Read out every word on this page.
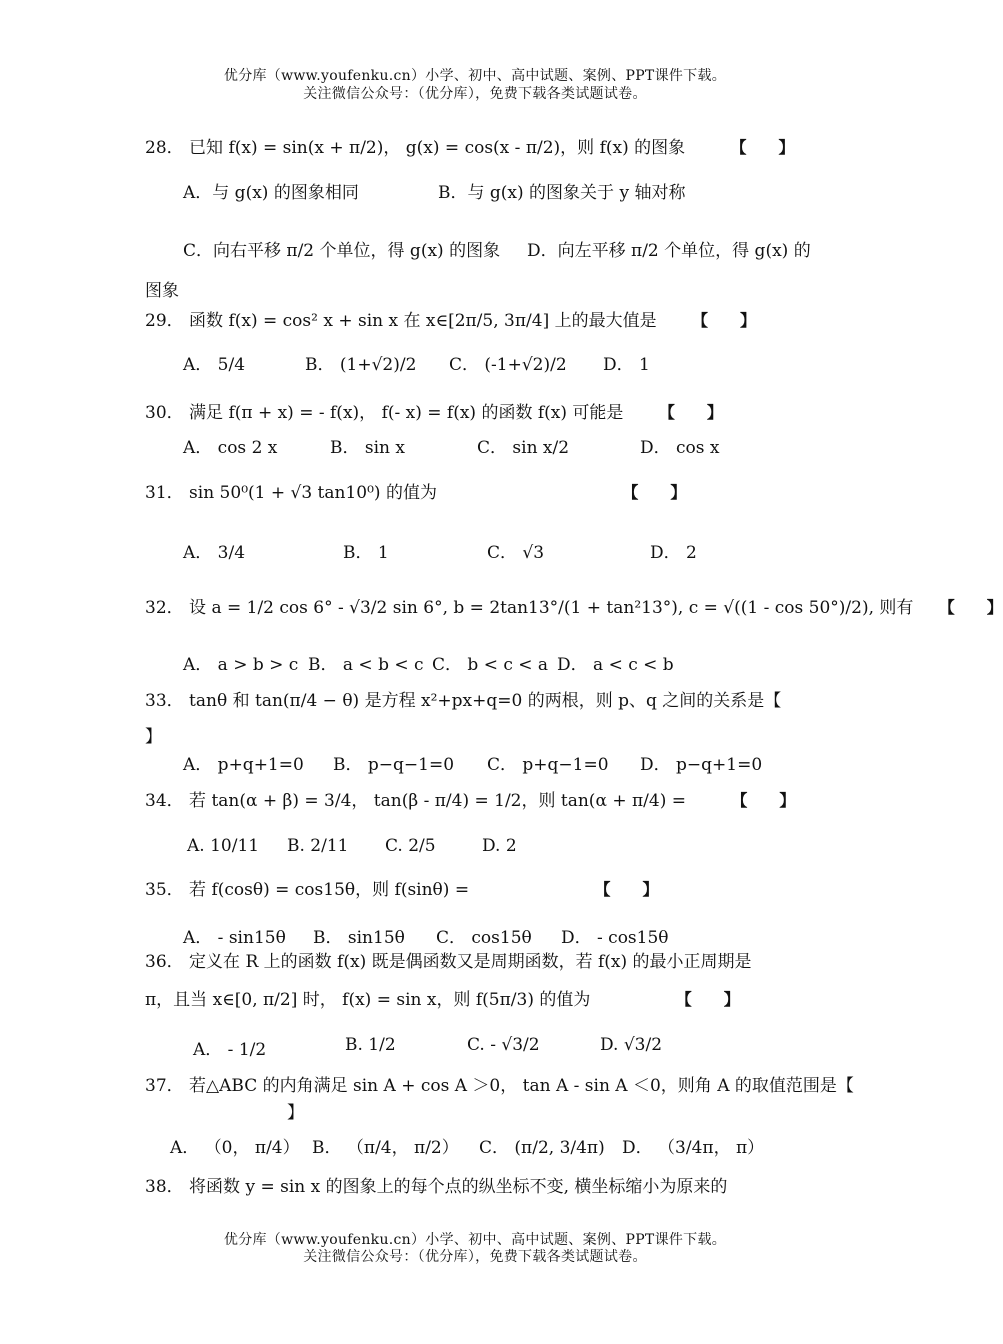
优分库（www.youfenku.cn）小学、初中、高中试题、案例、PPT课件下载。
关注微信公众号：（优分库），免费下载各类试题试卷。
28． 已知 f(x) = sin(x + π/2)， g(x) = cos(x - π/2)，则 f(x) 的图象	【　　】
A．与 g(x) 的图象相同	B．与 g(x) 的图象关于 y 轴对称
C．向右平移 π/2 个单位，得 g(x) 的图象 D．向左平移 π/2 个单位，得 g(x) 的
图象
29． 函数 f(x) = cos² x + sin x 在 x∈[2π/5, 3π/4] 上的最大值是 【　　】
A． 5/4	B． (1+√2)/2 C． (-1+√2)/2 D． 1
30． 满足 f(π + x) = - f(x)， f(- x) = f(x) 的函数 f(x) 可能是 【　　】
A． cos 2 x	B． sin x	C． sin x/2	D． cos x
31． sin 50⁰(1 + √3 tan10⁰) 的值为	【　　】
A． 3/4	B． 1	C． √3	D． 2
32． 设 a = 1/2 cos 6° - √3/2 sin 6°, b = 2tan13°/(1 + tan²13°), c = √((1 - cos 50°)/2), 则有 【　　】
A． a > b > c B． a < b < c C． b < c < a D． a < c < b
33． tanθ 和 tan(π/4 − θ) 是方程 x²+px+q=0 的两根，则 p、q 之间的关系是【
】
A． p+q+1=0 B． p−q−1=0 C． p+q−1=0 D． p−q+1=0
34． 若 tan(α + β) = 3/4， tan(β - π/4) = 1/2，则 tan(α + π/4) =	【　　】
A. 10/11 B. 2/11 C. 2/5	D. 2
35． 若 f(cosθ) = cos15θ，则 f(sinθ) =	【　　】
A． - sin15θ B． sin15θ C． cos15θ D． - cos15θ
36． 定义在 R 上的函数 f(x) 既是偶函数又是周期函数，若 f(x) 的最小正周期是
π，且当 x∈[0, π/2] 时， f(x) = sin x，则 f(5π/3) 的值为	【　　】
A． - 1/2	B. 1/2	C. - √3/2	D. √3/2
37． 若△ABC 的内角满足 sin A + cos A ＞0， tan A - sin A ＜0，则角 A 的取值范围是【
】
A． （0， π/4） B． （π/4， π/2） C． (π/2, 3/4π) D． （3/4π， π）
38． 将函数 y = sin x 的图象上的每个点的纵坐标不变, 横坐标缩小为原来的
优分库（www.youfenku.cn）小学、初中、高中试题、案例、PPT课件下载。
关注微信公众号：（优分库），免费下载各类试题试卷。
